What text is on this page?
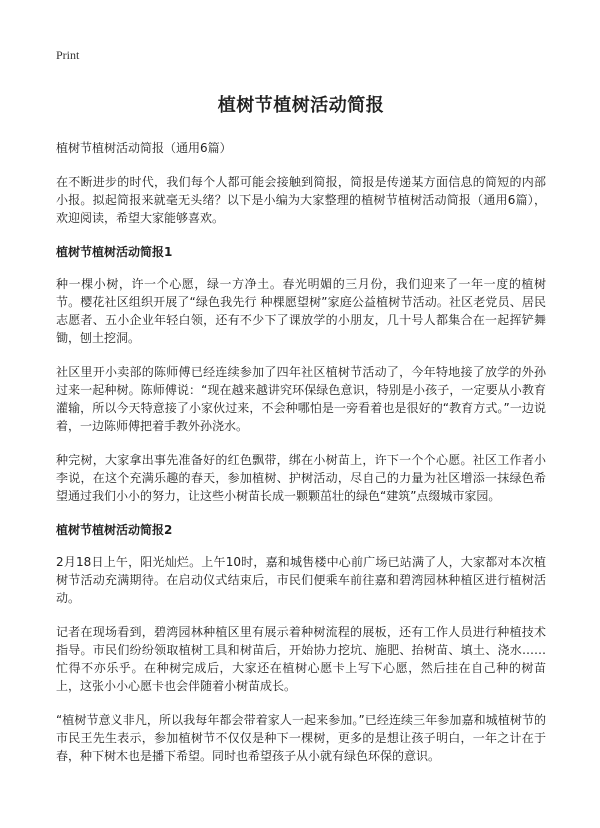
Print
植树节植树活动简报

植树节植树活动简报（通用6篇）

在不断进步的时代，我们每个人都可能会接触到简报，简报是传递某方面信息的简短的内部小报。拟起简报来就毫无头绪？以下是小编为大家整理的植树节植树活动简报（通用6篇），欢迎阅读，希望大家能够喜欢。

植树节植树活动简报1

种一棵小树，许一个心愿，绿一方净土。春光明媚的三月份，我们迎来了一年一度的植树节。樱花社区组织开展了“绿色我先行 种棵愿望树”家庭公益植树节活动。社区老党员、居民志愿者、五小企业年轻白领，还有不少下了课放学的小朋友，几十号人都集合在一起挥铲舞锄，刨土挖洞。

社区里开小卖部的陈师傅已经连续参加了四年社区植树节活动了，今年特地接了放学的外孙过来一起种树。陈师傅说：“现在越来越讲究环保绿色意识，特别是小孩子，一定要从小教育灌输，所以今天特意接了小家伙过来，不会种哪怕是一旁看着也是很好的“教育方式。”一边说着，一边陈师傅把着手教外孙浇水。

种完树，大家拿出事先准备好的红色飘带，绑在小树苗上，许下一个个心愿。社区工作者小李说，在这个充满乐趣的春天，参加植树、护树活动，尽自己的力量为社区增添一抹绿色希望通过我们小小的努力，让这些小树苗长成一颗颗茁壮的绿色“建筑”点缀城市家园。

植树节植树活动简报2

2月18日上午，阳光灿烂。上午10时，嘉和城售楼中心前广场已站满了人，大家都对本次植树节活动充满期待。在启动仪式结束后，市民们便乘车前往嘉和碧湾园林种植区进行植树活动。

记者在现场看到，碧湾园林种植区里有展示着种树流程的展板，还有工作人员进行种植技术指导。市民们纷纷领取植树工具和树苗后，开始协力挖坑、施肥、抬树苗、填土、浇水……忙得不亦乐乎。在种树完成后，大家还在植树心愿卡上写下心愿，然后挂在自己种的树苗上，这张小小心愿卡也会伴随着小树苗成长。

“植树节意义非凡，所以我每年都会带着家人一起来参加。”已经连续三年参加嘉和城植树节的市民王先生表示，参加植树节不仅仅是种下一棵树，更多的是想让孩子明白，一年之计在于春，种下树木也是播下希望。同时也希望孩子从小就有绿色环保的意识。
